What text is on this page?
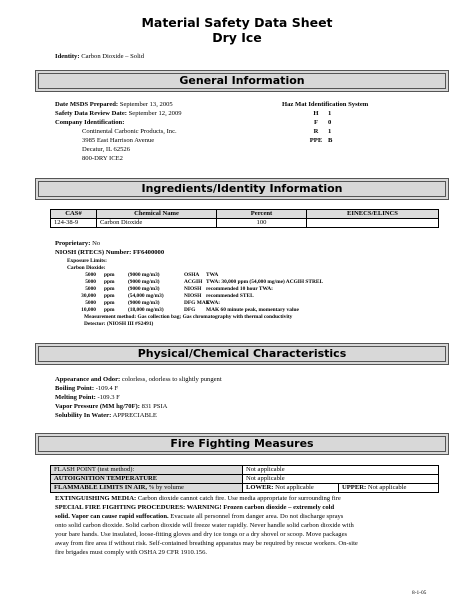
Material Safety Data Sheet
Dry Ice
Identity: Carbon Dioxide – Solid
General Information
Date MSDS Prepared: September 13, 2005
Safety Data Review Date: September 12, 2009
Company Identification:
Continental Carbonic Products, Inc.
3985 East Harrison Avenue
Decatur, IL 62526
800-DRY ICE2
Haz Mat Identification System
H	1
F	0
R	1
PPE B
Ingredients/Identity Information
CAS#	Chemical Name	Percent	EINECS/ELINCS
124-38-9	Carbon Dioxide	100	
Proprietary: No
NIOSH (RTECS) Number: FF6400000
Exposure Limits:
Carbon Dioxide:
5000 ppm	(9000 mg/m3)	OSHA TWA
5000 ppm	(9000 mg/m3)	ACGIH TWA: 30,000 ppm (54,000 mg/me) ACGIH STREL
5000 ppm	(9000 mg/m3)	NIOSH recommended 10 hour TWA:
30,000 ppm	(54,000 mg/m3)	NIOSH recommended STEL
5000 ppm	(9000 mg/m3)	DFG MAK
TWA:
10,000 ppm	(18,000 mg/m3)	DFG MAK 60 minute peak, momentary value
Measurement method: Gas collection bag; Gas chromatography with thermal conductivity
Detector: (NIOSH III #S2491)
Physical/Chemical Characteristics
Appearance and Odor: colorless, odorless to slightly pungent
Boiling Point: -109.4 F
Melting Point: -109.3 F
Vapor Pressure (MM hg/70F): 831 PSIA
Solubility In Water: APPRECIABLE
Fire Fighting Measures
FLASH POINT (test method):	Not applicable	
AUTOIGNITION TEMPERATURE	Not applicable	
FLAMMABLE LIMITS IN AIR, % by volume	LOWER: Not applicable	UPPER: Not applicable
EXTINGUISHING MEDIA: Carbon dioxide cannot catch fire. Use media appropriate for surrounding fire
SPECIAL FIRE FIGHTING PROCEDURES: WARNING! Frozen carbon dioxide – extremely cold
solid. Vapor can cause rapid suffocation. Evacuate all personnel from danger area. Do not discharge sprays
onto solid carbon dioxide. Solid carbon dioxide will freeze water rapidly. Never handle solid carbon dioxide with
your bare hands. Use insulated, loose-fitting gloves and dry ice tongs or a dry shovel or scoop. Move packages
away from fire area if without risk. Self-contained breathing apparatus may be required by rescue workers. On-site
fire brigades must comply with OSHA 29 CFR 1910.156.
8-1-05
